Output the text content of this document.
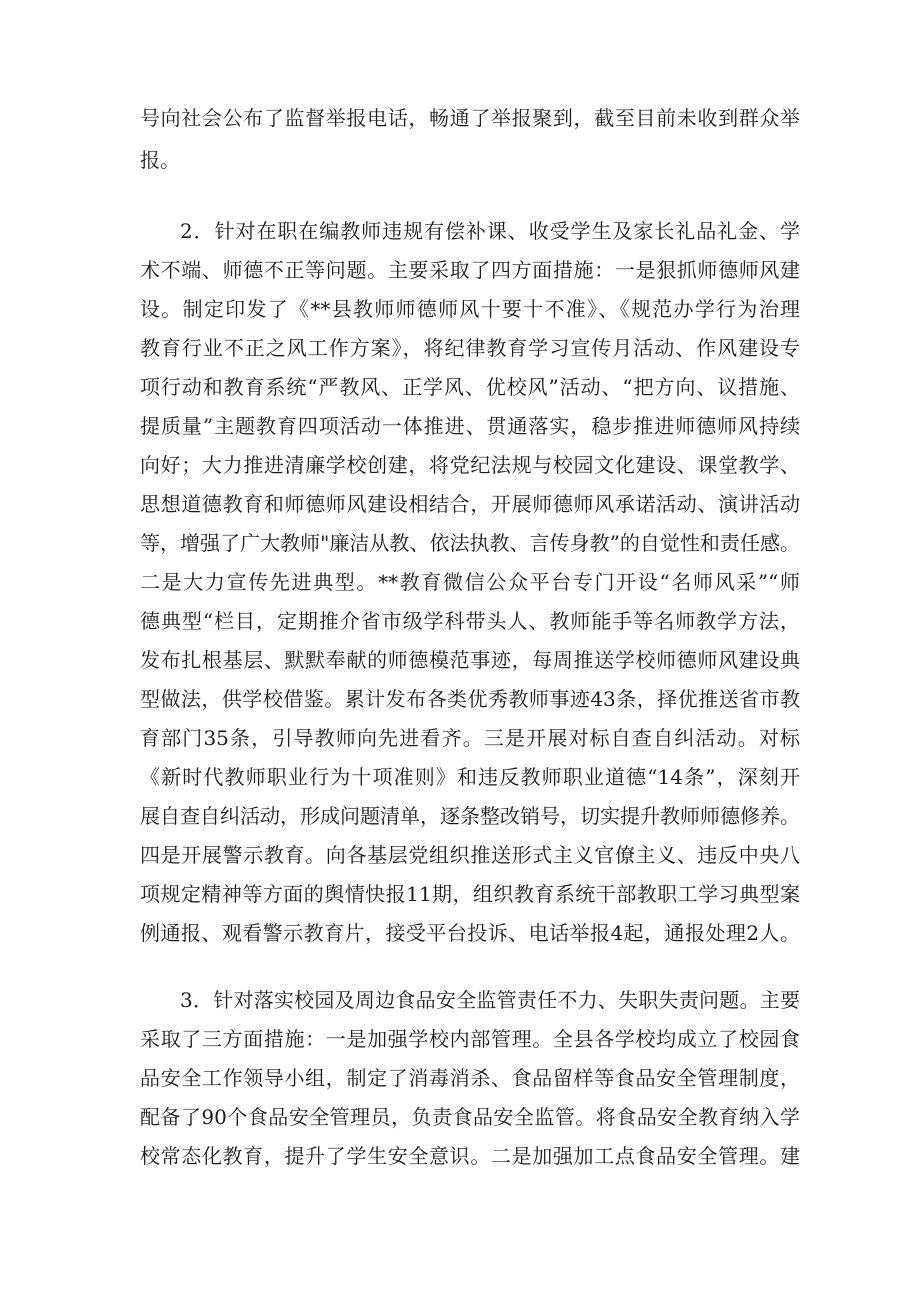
号向社会公布了监督举报电话，畅通了举报聚到，截至目前未收到群众举
报。
2．针对在职在编教师违规有偿补课、收受学生及家长礼品礼金、学
术不端、师德不正等问题。主要采取了四方面措施：一是狠抓师德师风建
设。制定印发了《**县教师师德师风十要十不准》、《规范办学行为治理
教育行业不正之风工作方案》，将纪律教育学习宣传月活动、作风建设专
项行动和教育系统“严教风、正学风、优校风”活动、“把方向、议措施、
提质量”主题教育四项活动一体推进、贯通落实，稳步推进师德师风持续
向好；大力推进清廉学校创建，将党纪法规与校园文化建设、课堂教学、
思想道德教育和师德师风建设相结合，开展师德师风承诺活动、演讲活动
等，增强了广大教师"廉洁从教、依法执教、言传身教”的自觉性和责任感。
二是大力宣传先进典型。**教育微信公众平台专门开设“名师风采”“师
德典型“栏目，定期推介省市级学科带头人、教师能手等名师教学方法，
发布扎根基层、默默奉献的师德模范事迹，每周推送学校师德师风建设典
型做法，供学校借鉴。累计发布各类优秀教师事迹43条，择优推送省市教
育部门35条，引导教师向先进看齐。三是开展对标自查自纠活动。对标
《新时代教师职业行为十项准则》和违反教师职业道德“14条”，深刻开
展自查自纠活动，形成问题清单，逐条整改销号，切实提升教师师德修养。
四是开展警示教育。向各基层党组织推送形式主义官僚主义、违反中央八
项规定精神等方面的舆情快报11期，组织教育系统干部教职工学习典型案
例通报、观看警示教育片，接受平台投诉、电话举报4起，通报处理2人。
3．针对落实校园及周边食品安全监管责任不力、失职失责问题。主要
采取了三方面措施：一是加强学校内部管理。全县各学校均成立了校园食
品安全工作领导小组，制定了消毒消杀、食品留样等食品安全管理制度，
配备了90个食品安全管理员，负责食品安全监管。将食品安全教育纳入学
校常态化教育，提升了学生安全意识。二是加强加工点食品安全管理。建
